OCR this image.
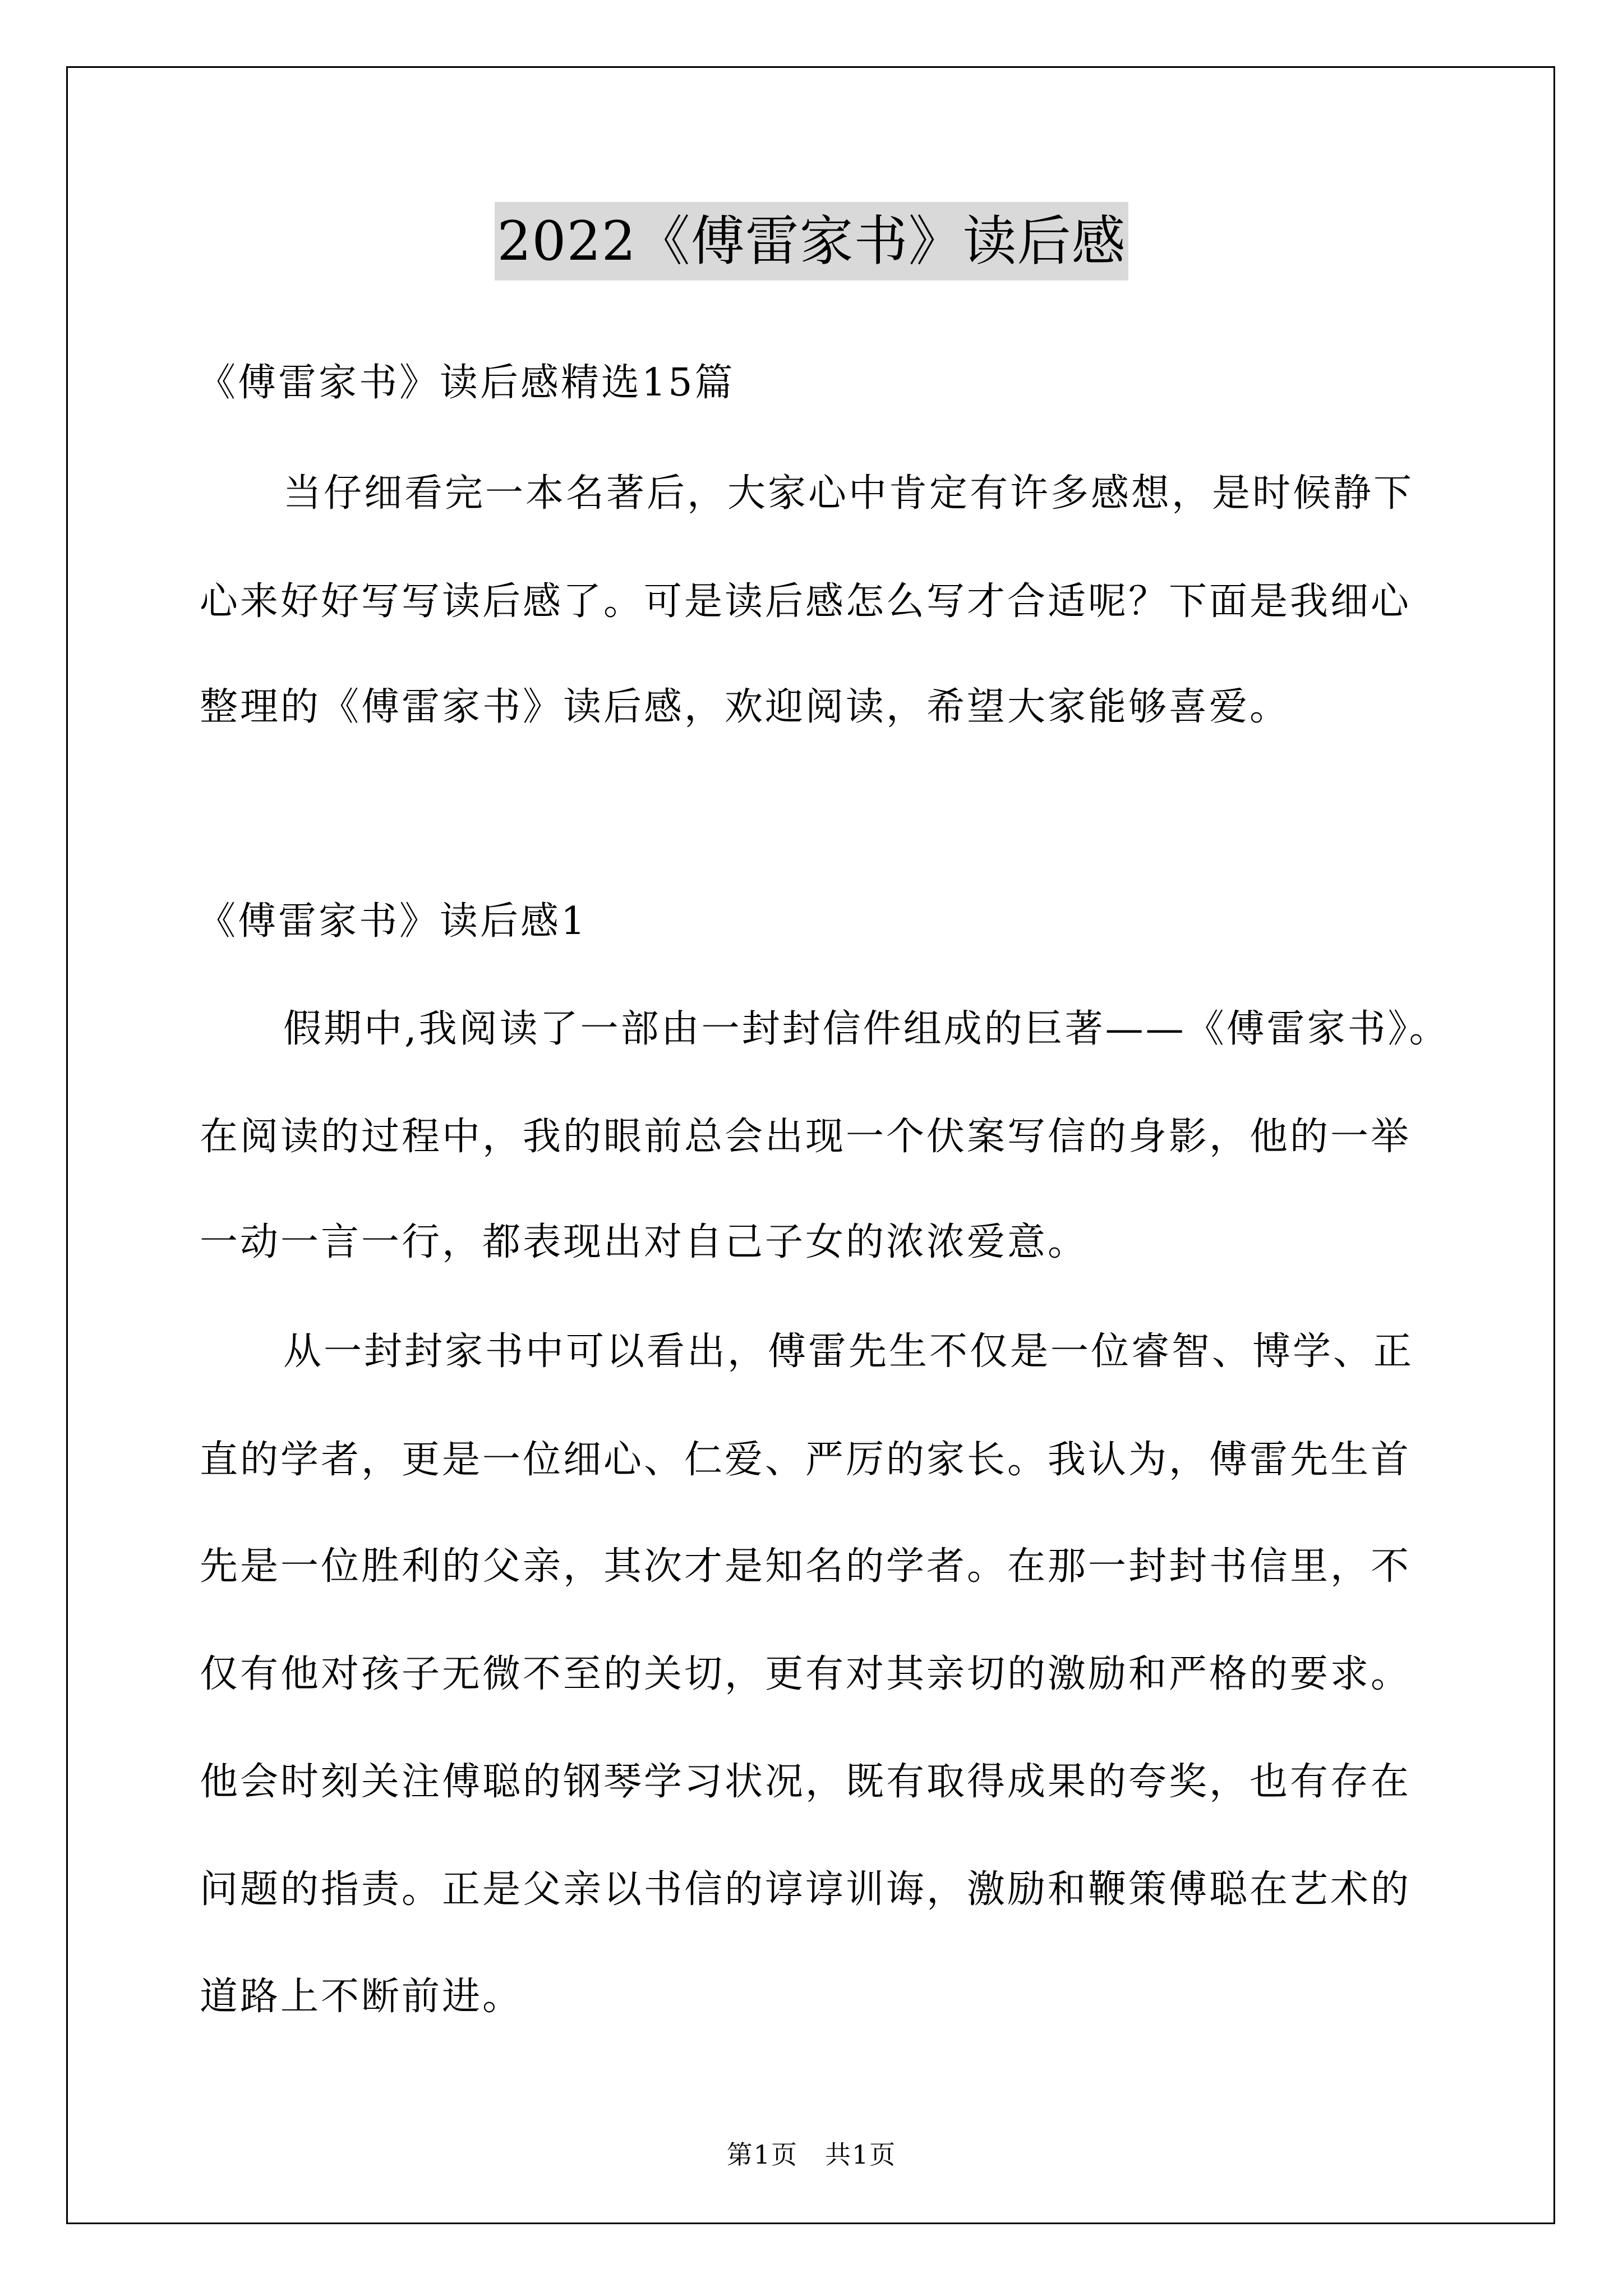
2022《傅雷家书》读后感
《傅雷家书》读后感精选15篇
当仔细看完一本名著后，大家心中肯定有许多感想，是时候静下
心来好好写写读后感了。可是读后感怎么写才合适呢？下面是我细心
整理的《傅雷家书》读后感，欢迎阅读，希望大家能够喜爱。
《傅雷家书》读后感1
假期中,我阅读了一部由一封封信件组成的巨著——《傅雷家书》。
在阅读的过程中，我的眼前总会出现一个伏案写信的身影，他的一举
一动一言一行，都表现出对自己子女的浓浓爱意。
从一封封家书中可以看出，傅雷先生不仅是一位睿智、博学、正
直的学者，更是一位细心、仁爱、严厉的家长。我认为，傅雷先生首
先是一位胜利的父亲，其次才是知名的学者。在那一封封书信里，不
仅有他对孩子无微不至的关切，更有对其亲切的激励和严格的要求。
他会时刻关注傅聪的钢琴学习状况，既有取得成果的夸奖，也有存在
问题的指责。正是父亲以书信的谆谆训诲，激励和鞭策傅聪在艺术的
道路上不断前进。
第1页　共1页
